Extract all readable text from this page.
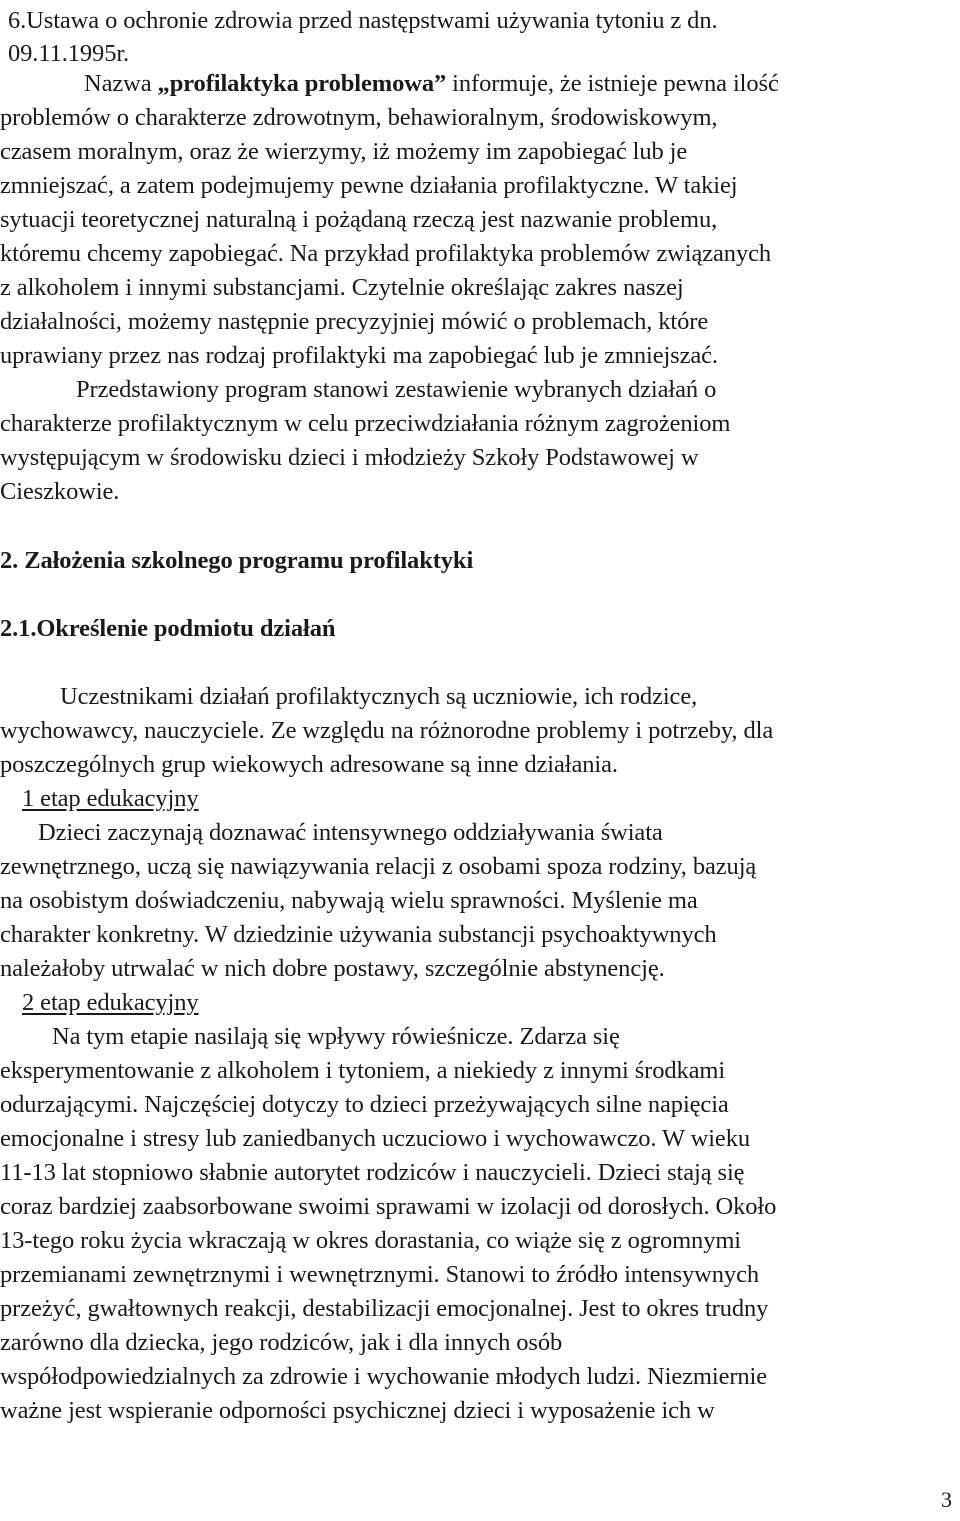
6.Ustawa o ochronie zdrowia przed następstwami używania tytoniu z dn.
09.11.1995r.
Nazwa „profilaktyka problemowa” informuje, że istnieje pewna ilość
problemów o charakterze zdrowotnym, behawioralnym, środowiskowym,
czasem moralnym, oraz że wierzymy, iż możemy im zapobiegać lub je
zmniejszać, a zatem podejmujemy pewne działania profilaktyczne. W takiej
sytuacji teoretycznej naturalną i pożądaną rzeczą jest nazwanie problemu,
któremu chcemy zapobiegać. Na przykład profilaktyka problemów związanych
z alkoholem i innymi substancjami. Czytelnie określając zakres naszej
działalności, możemy następnie precyzyjniej mówić o problemach, które
uprawiany przez nas rodzaj profilaktyki ma zapobiegać lub je zmniejszać.
Przedstawiony program stanowi zestawienie wybranych działań o
charakterze profilaktycznym w celu przeciwdziałania różnym zagrożeniom
występującym w środowisku dzieci i młodzieży Szkoły Podstawowej w
Cieszkowie.
2. Założenia szkolnego programu profilaktyki
2.1.Określenie podmiotu działań
Uczestnikami działań profilaktycznych są uczniowie, ich rodzice,
wychowawcy, nauczyciele. Ze względu na różnorodne problemy i potrzeby, dla
poszczególnych grup wiekowych adresowane są inne działania.
1 etap edukacyjny
Dzieci zaczynają doznawać intensywnego oddziaływania świata
zewnętrznego, uczą się nawiązywania relacji z osobami spoza rodziny, bazują
na osobistym doświadczeniu, nabywają wielu sprawności. Myślenie ma
charakter konkretny. W dziedzinie używania substancji psychoaktywnych
należałoby utrwalać w nich dobre postawy, szczególnie abstynencję.
2 etap edukacyjny
Na tym etapie nasilają się wpływy rówieśnicze. Zdarza się
eksperymentowanie z alkoholem i tytoniem, a niekiedy z innymi środkami
odurzającymi. Najczęściej dotyczy to dzieci przeżywających silne napięcia
emocjonalne i stresy lub zaniedbanych uczuciowo i wychowawczo. W wieku
11-13 lat stopniowo słabnie autorytet rodziców i nauczycieli. Dzieci stają się
coraz bardziej zaabsorbowane swoimi sprawami w izolacji od dorosłych. Około
13-tego roku życia wkraczają w okres dorastania, co wiąże się z ogromnymi
przemianami zewnętrznymi i wewnętrznymi. Stanowi to źródło intensywnych
przeżyć, gwałtownych reakcji, destabilizacji emocjonalnej. Jest to okres trudny
zarówno dla dziecka, jego rodziców, jak i dla innych osób
współodpowiedzialnych za zdrowie i wychowanie młodych ludzi. Niezmiernie
ważne jest wspieranie odporności psychicznej dzieci i wyposażenie ich w
3
